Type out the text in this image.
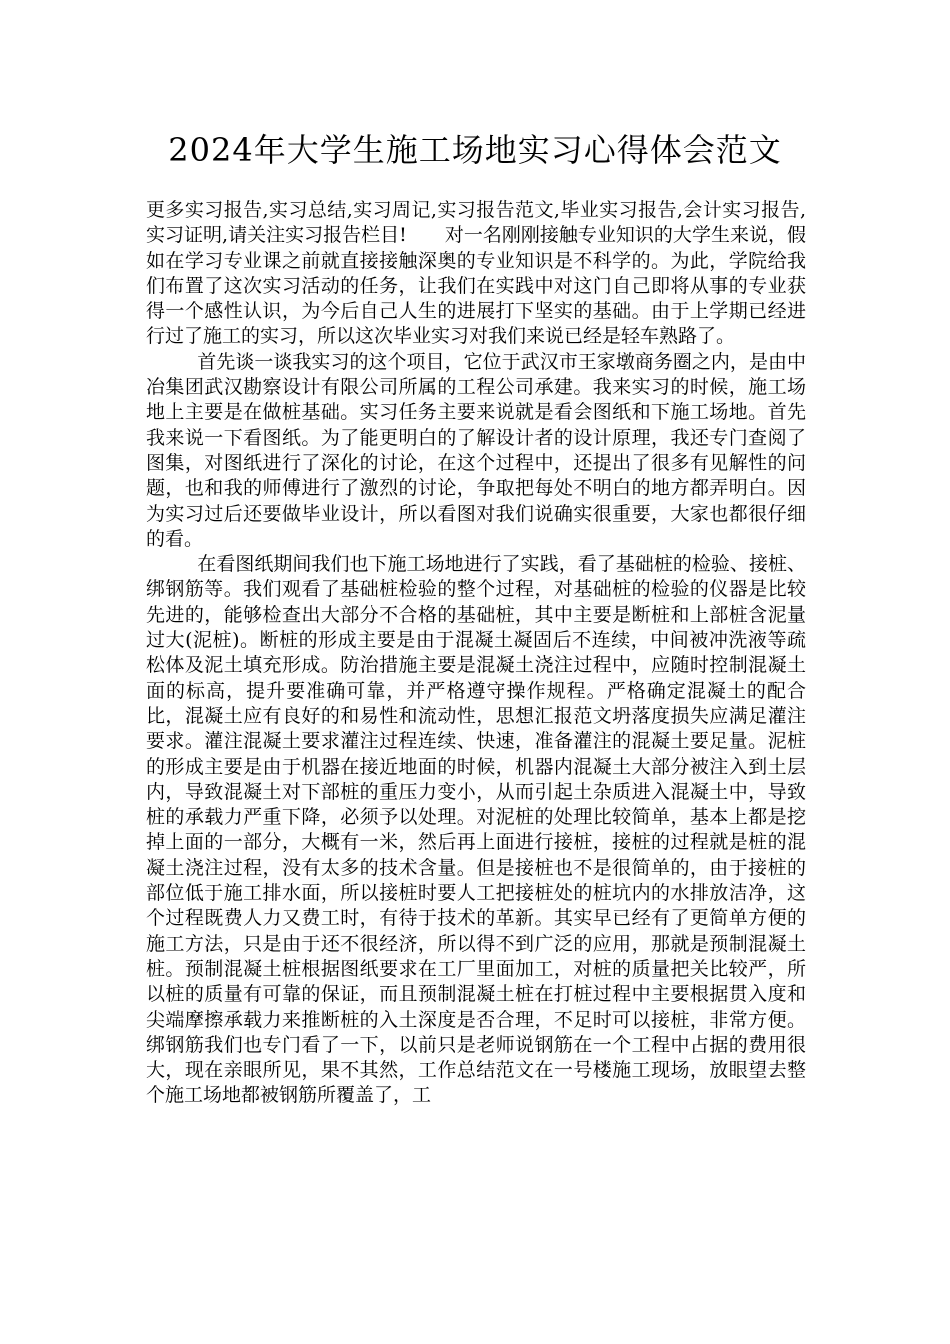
2024年大学生施工场地实习心得体会范文

更多实习报告,实习总结,实习周记,实习报告范文,毕业实习报告,会计实习报告,实习证明,请关注实习报告栏目!　　对一名刚刚接触专业知识的大学生来说，假如在学习专业课之前就直接接触深奥的专业知识是不科学的。为此，学院给我们布置了这次实习活动的任务，让我们在实践中对这门自己即将从事的专业获得一个感性认识，为今后自己人生的进展打下坚实的基础。由于上学期已经进行过了施工的实习，所以这次毕业实习对我们来说已经是轻车熟路了。

首先谈一谈我实习的这个项目，它位于武汉市王家墩商务圈之内，是由中冶集团武汉勘察设计有限公司所属的工程公司承建。我来实习的时候，施工场地上主要是在做桩基础。实习任务主要来说就是看会图纸和下施工场地。首先我来说一下看图纸。为了能更明白的了解设计者的设计原理，我还专门查阅了图集，对图纸进行了深化的讨论，在这个过程中，还提出了很多有见解性的问题，也和我的师傅进行了激烈的讨论，争取把每处不明白的地方都弄明白。因为实习过后还要做毕业设计，所以看图对我们说确实很重要，大家也都很仔细的看。

在看图纸期间我们也下施工场地进行了实践，看了基础桩的检验、接桩、绑钢筋等。我们观看了基础桩检验的整个过程，对基础桩的检验的仪器是比较先进的，能够检查出大部分不合格的基础桩，其中主要是断桩和上部桩含泥量过大(泥桩)。断桩的形成主要是由于混凝土凝固后不连续，中间被冲洗液等疏松体及泥土填充形成。防治措施主要是混凝土浇注过程中，应随时控制混凝土面的标高，提升要准确可靠，并严格遵守操作规程。严格确定混凝土的配合比，混凝土应有良好的和易性和流动性，思想汇报范文坍落度损失应满足灌注要求。灌注混凝土要求灌注过程连续、快速，准备灌注的混凝土要足量。泥桩的形成主要是由于机器在接近地面的时候，机器内混凝土大部分被注入到土层内，导致混凝土对下部桩的重压力变小，从而引起土杂质进入混凝土中，导致桩的承载力严重下降，必须予以处理。对泥桩的处理比较简单，基本上都是挖掉上面的一部分，大概有一米，然后再上面进行接桩，接桩的过程就是桩的混凝土浇注过程，没有太多的技术含量。但是接桩也不是很简单的，由于接桩的部位低于施工排水面，所以接桩时要人工把接桩处的桩坑内的水排放洁净，这个过程既费人力又费工时，有待于技术的革新。其实早已经有了更简单方便的施工方法，只是由于还不很经济，所以得不到广泛的应用，那就是预制混凝土桩。预制混凝土桩根据图纸要求在工厂里面加工，对桩的质量把关比较严，所以桩的质量有可靠的保证，而且预制混凝土桩在打桩过程中主要根据贯入度和尖端摩擦承载力来推断桩的入土深度是否合理，不足时可以接桩，非常方便。绑钢筋我们也专门看了一下，以前只是老师说钢筋在一个工程中占据的费用很大，现在亲眼所见，果不其然，工作总结范文在一号楼施工现场，放眼望去整个施工场地都被钢筋所覆盖了，工
